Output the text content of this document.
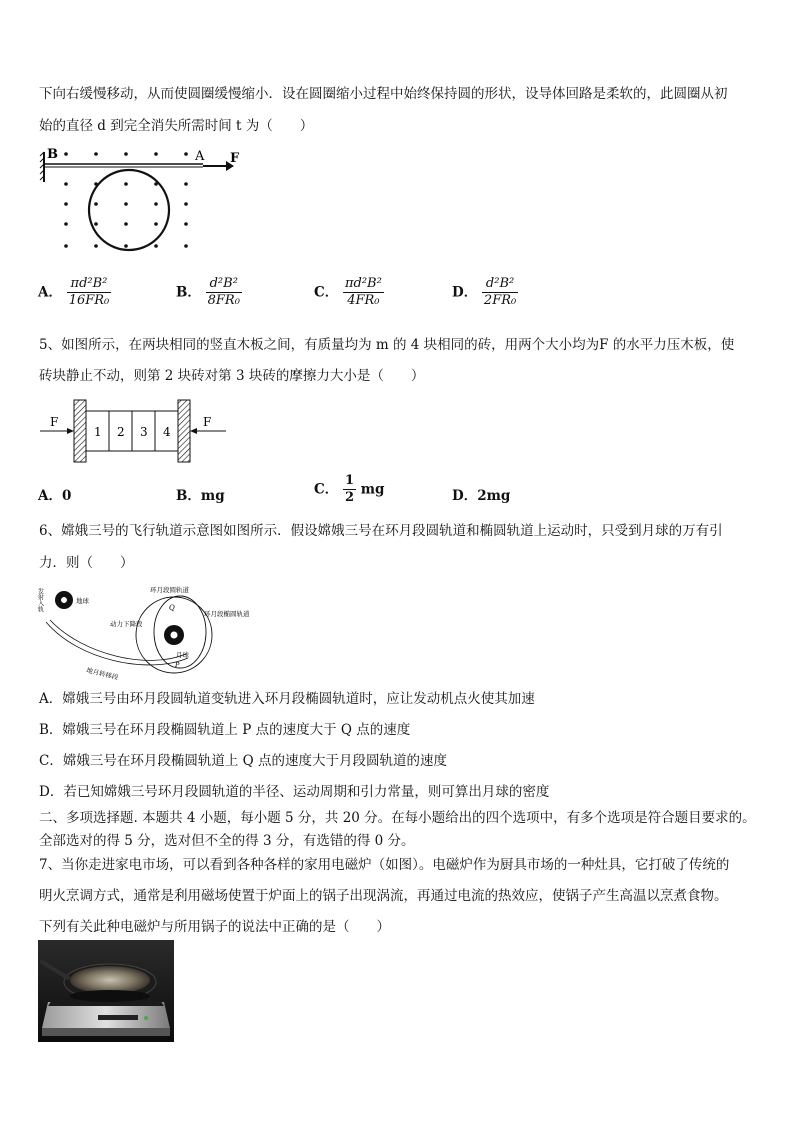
下向右缓慢移动，从而使圆圈缓慢缩小．设在圆圈缩小过程中始终保持圆的形状，设导体回路是柔软的，此圆圈从初
始的直径 d 到完全消失所需时间 t 为（　　）
B	A F
A． $\frac{\text{πd²B²}}{\text{16FR₀}}$	B． $\frac{\text{d²B²}}{\text{8FR₀}}$	C． $\frac{\text{πd²B²}}{\text{4FR₀}}$	D． $\frac{\text{d²B²}}{\text{2FR₀}}$
5、如图所示，在两块相同的竖直木板之间，有质量均为 m 的 4 块相同的砖，用两个大小均为F 的水平力压木板，使
砖块静止不动，则第 2 块砖对第 3 块砖的摩擦力大小是（　　）
1 2 3 4
F	F
A．0	B．mg	C． $\frac{1}{2}$ mg	D．2mg
6、嫦娥三号的飞行轨道示意图如图所示．假设嫦娥三号在环月段圆轨道和椭圆轨道上运动时，只受到月球的万有引
力．则（　　）
地球
发射入轨
地月转移段
环月段圆轨道
环月段椭圆轨道
Q
动力下降段
月球
P
A．嫦娥三号由环月段圆轨道变轨进入环月段椭圆轨道时，应让发动机点火使其加速
B．嫦娥三号在环月段椭圆轨道上 P 点的速度大于 Q 点的速度
C．嫦娥三号在环月段椭圆轨道上 Q 点的速度大于月段圆轨道的速度
D．若已知嫦娥三号环月段圆轨道的半径、运动周期和引力常量，则可算出月球的密度
二、多项选择题. 本题共 4 小题，每小题 5 分，共 20 分。在每小题给出的四个选项中，有多个选项是符合题目要求的。
全部选对的得 5 分，选对但不全的得 3 分，有选错的得 0 分。
7、当你走进家电市场，可以看到各种各样的家用电磁炉（如图）。电磁炉作为厨具市场的一种灶具，它打破了传统的
明火烹调方式，通常是利用磁场使置于炉面上的锅子出现涡流，再通过电流的热效应，使锅子产生高温以烹煮食物。
下列有关此种电磁炉与所用锅子的说法中正确的是（　　）
